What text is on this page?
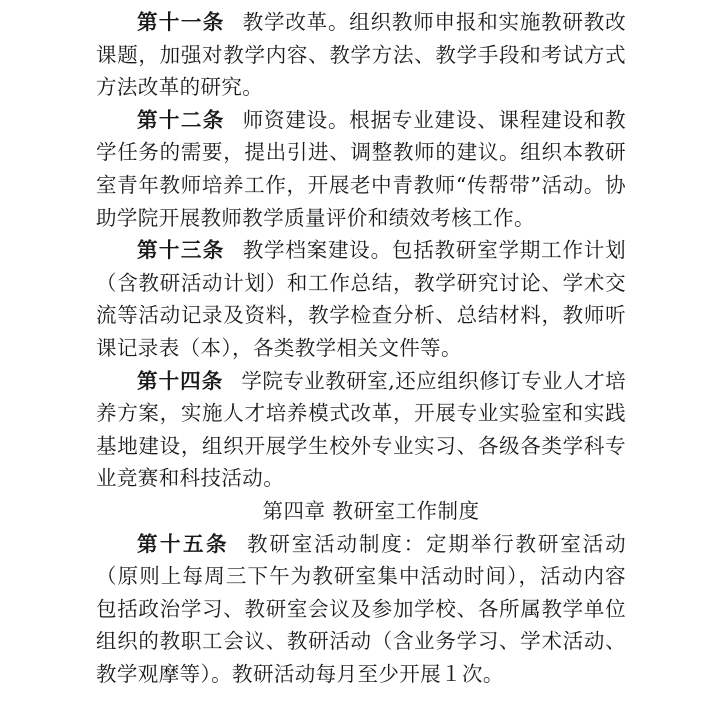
第十一条 教学改革。组织教师申报和实施教研教改课题，加强对教学内容、教学方法、教学手段和考试方式方法改革的研究。

第十二条 师资建设。根据专业建设、课程建设和教学任务的需要，提出引进、调整教师的建议。组织本教研室青年教师培养工作，开展老中青教师“传帮带”活动。协助学院开展教师教学质量评价和绩效考核工作。

第十三条 教学档案建设。包括教研室学期工作计划（含教研活动计划）和工作总结，教学研究讨论、学术交流等活动记录及资料，教学检查分析、总结材料，教师听课记录表（本），各类教学相关文件等。

第十四条 学院专业教研室,还应组织修订专业人才培养方案，实施人才培养模式改革，开展专业实验室和实践基地建设，组织开展学生校外专业实习、各级各类学科专业竞赛和科技活动。

第四章 教研室工作制度

第十五条 教研室活动制度：定期举行教研室活动（原则上每周三下午为教研室集中活动时间），活动内容包括政治学习、教研室会议及参加学校、各所属教学单位组织的教职工会议、教研活动（含业务学习、学术活动、教学观摩等）。教研活动每月至少开展１次。
